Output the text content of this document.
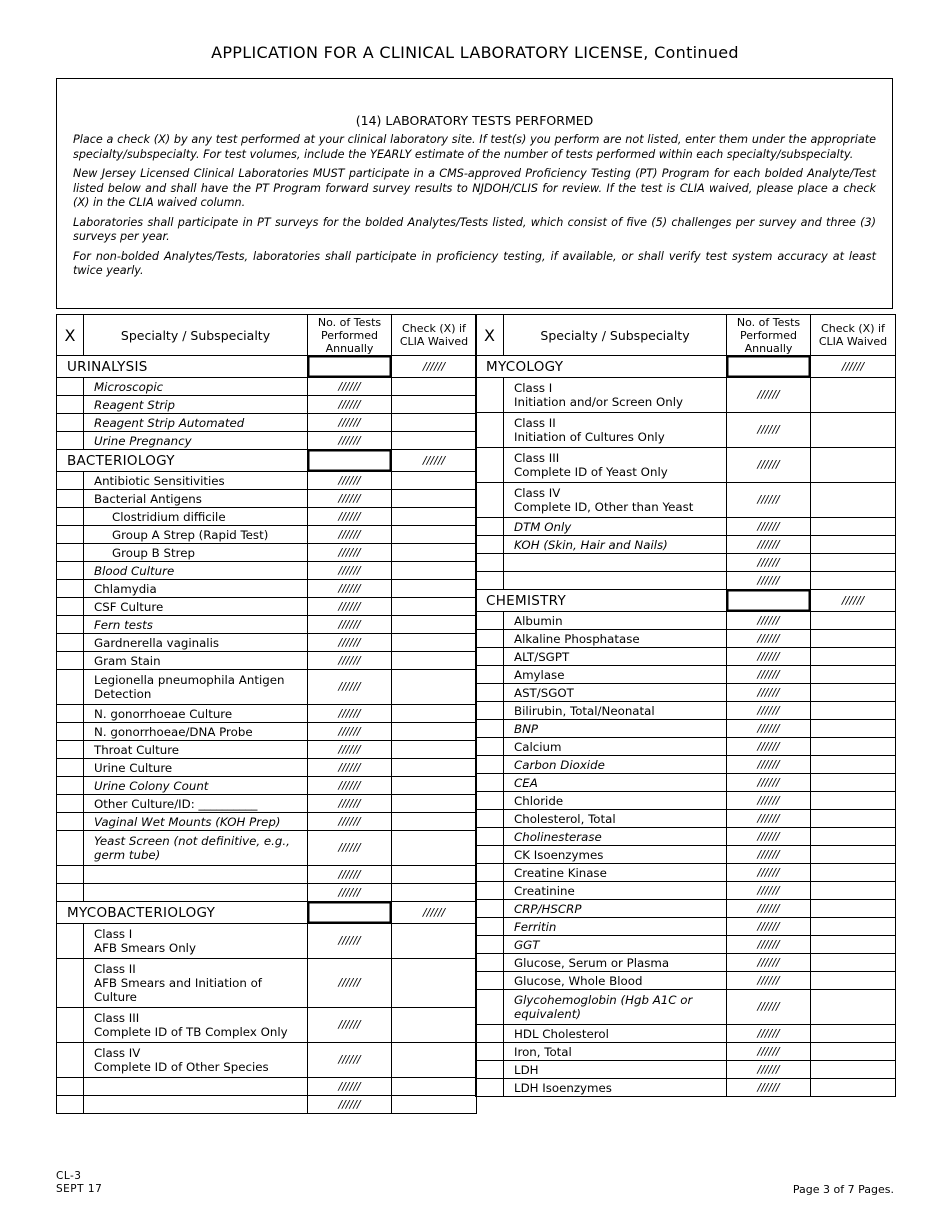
APPLICATION FOR A CLINICAL LABORATORY LICENSE, Continued
(14) LABORATORY TESTS PERFORMED

Place a check (X) by any test performed at your clinical laboratory site. If test(s) you perform are not listed, enter them under the appropriate specialty/subspecialty. For test volumes, include the YEARLY estimate of the number of tests performed within each specialty/subspecialty.

New Jersey Licensed Clinical Laboratories MUST participate in a CMS-approved Proficiency Testing (PT) Program for each bolded Analyte/Test listed below and shall have the PT Program forward survey results to NJDOH/CLIS for review. If the test is CLIA waived, please place a check (X) in the CLIA waived column.

Laboratories shall participate in PT surveys for the bolded Analytes/Tests listed, which consist of five (5) challenges per survey and three (3) surveys per year.

For non-bolded Analytes/Tests, laboratories shall participate in proficiency testing, if available, or shall verify test system accuracy at least twice yearly.

X	Specialty / Subspecialty	No. of Tests Performed Annually	Check (X) if CLIA Waived
URINALYSIS			//////
	Microscopic	//////	
	Reagent Strip	//////	
	Reagent Strip Automated	//////	
	Urine Pregnancy	//////	
BACTERIOLOGY			//////
	Antibiotic Sensitivities	//////	
	Bacterial Antigens	//////	
	Clostridium difficile	//////	
	Group A Strep (Rapid Test)	//////	
	Group B Strep	//////	
	Blood Culture	//////	
	Chlamydia	//////	
	CSF Culture	//////	
	Fern tests	//////	
	Gardnerella vaginalis	//////	
	Gram Stain	//////	
	Legionella pneumophila Antigen
Detection	//////	
	N. gonorrhoeae Culture	//////	
	N. gonorrhoeae/DNA Probe	//////	
	Throat Culture	//////	
	Urine Culture	//////	
	Urine Colony Count	//////	
	Other Culture/ID: __________	//////	
	Vaginal Wet Mounts (KOH Prep)	//////	
	Yeast Screen (not definitive, e.g.,
germ tube)	//////	
		//////	
		//////	
MYCOBACTERIOLOGY			//////
	Class I
AFB Smears Only	//////	
	Class II
AFB Smears and Initiation of
Culture	//////	
	Class III
Complete ID of TB Complex Only	//////	
	Class IV
Complete ID of Other Species	//////	
		//////	
		//////	
X	Specialty / Subspecialty	No. of Tests Performed Annually	Check (X) if CLIA Waived
MYCOLOGY			//////
	Class I
Initiation and/or Screen Only	//////	
	Class II
Initiation of Cultures Only	//////	
	Class III
Complete ID of Yeast Only	//////	
	Class IV
Complete ID, Other than Yeast	//////	
	DTM Only	//////	
	KOH (Skin, Hair and Nails)	//////	
		//////	
		//////	
CHEMISTRY			//////
	Albumin	//////	
	Alkaline Phosphatase	//////	
	ALT/SGPT	//////	
	Amylase	//////	
	AST/SGOT	//////	
	Bilirubin, Total/Neonatal	//////	
	BNP	//////	
	Calcium	//////	
	Carbon Dioxide	//////	
	CEA	//////	
	Chloride	//////	
	Cholesterol, Total	//////	
	Cholinesterase	//////	
	CK Isoenzymes	//////	
	Creatine Kinase	//////	
	Creatinine	//////	
	CRP/HSCRP	//////	
	Ferritin	//////	
	GGT	//////	
	Glucose, Serum or Plasma	//////	
	Glucose, Whole Blood	//////	
	Glycohemoglobin (Hgb A1C or
equivalent)	//////	
	HDL Cholesterol	//////	
	Iron, Total	//////	
	LDH	//////	
	LDH Isoenzymes	//////	
CL-3
SEPT 17	Page 3 of 7 Pages.
